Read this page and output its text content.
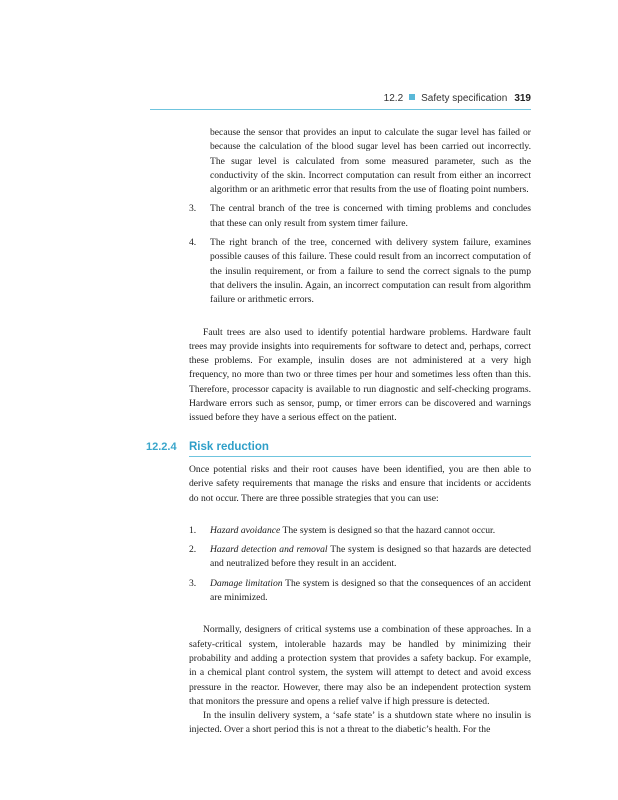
12.2 Safety specification 319

because the sensor that provides an input to calculate the sugar level has failed or because the calculation of the blood sugar level has been carried out incorrectly. The sugar level is calculated from some measured parameter, such as the conductivity of the skin. Incorrect computation can result from either an incorrect algorithm or an arithmetic error that results from the use of floating point numbers.

3. The central branch of the tree is concerned with timing problems and concludes that these can only result from system timer failure.
4. The right branch of the tree, concerned with delivery system failure, examines possible causes of this failure. These could result from an incorrect computation of the insulin requirement, or from a failure to send the correct signals to the pump that delivers the insulin. Again, an incorrect computation can result from algorithm failure or arithmetic errors.

Fault trees are also used to identify potential hardware problems. Hardware fault trees may provide insights into requirements for software to detect and, perhaps, correct these problems. For example, insulin doses are not administered at a very high frequency, no more than two or three times per hour and sometimes less often than this. Therefore, processor capacity is available to run diagnostic and self-checking programs. Hardware errors such as sensor, pump, or timer errors can be discovered and warnings issued before they have a serious effect on the patient.

12.2.4 Risk reduction

Once potential risks and their root causes have been identified, you are then able to derive safety requirements that manage the risks and ensure that incidents or accidents do not occur. There are three possible strategies that you can use:

1. Hazard avoidance The system is designed so that the hazard cannot occur.
2. Hazard detection and removal The system is designed so that hazards are detected and neutralized before they result in an accident.
3. Damage limitation The system is designed so that the consequences of an accident are minimized.

Normally, designers of critical systems use a combination of these approaches. In a safety-critical system, intolerable hazards may be handled by minimizing their probability and adding a protection system that provides a safety backup. For example, in a chemical plant control system, the system will attempt to detect and avoid excess pressure in the reactor. However, there may also be an independent protection system that monitors the pressure and opens a relief valve if high pressure is detected.

In the insulin delivery system, a ‘safe state’ is a shutdown state where no insulin is injected. Over a short period this is not a threat to the diabetic’s health. For the
